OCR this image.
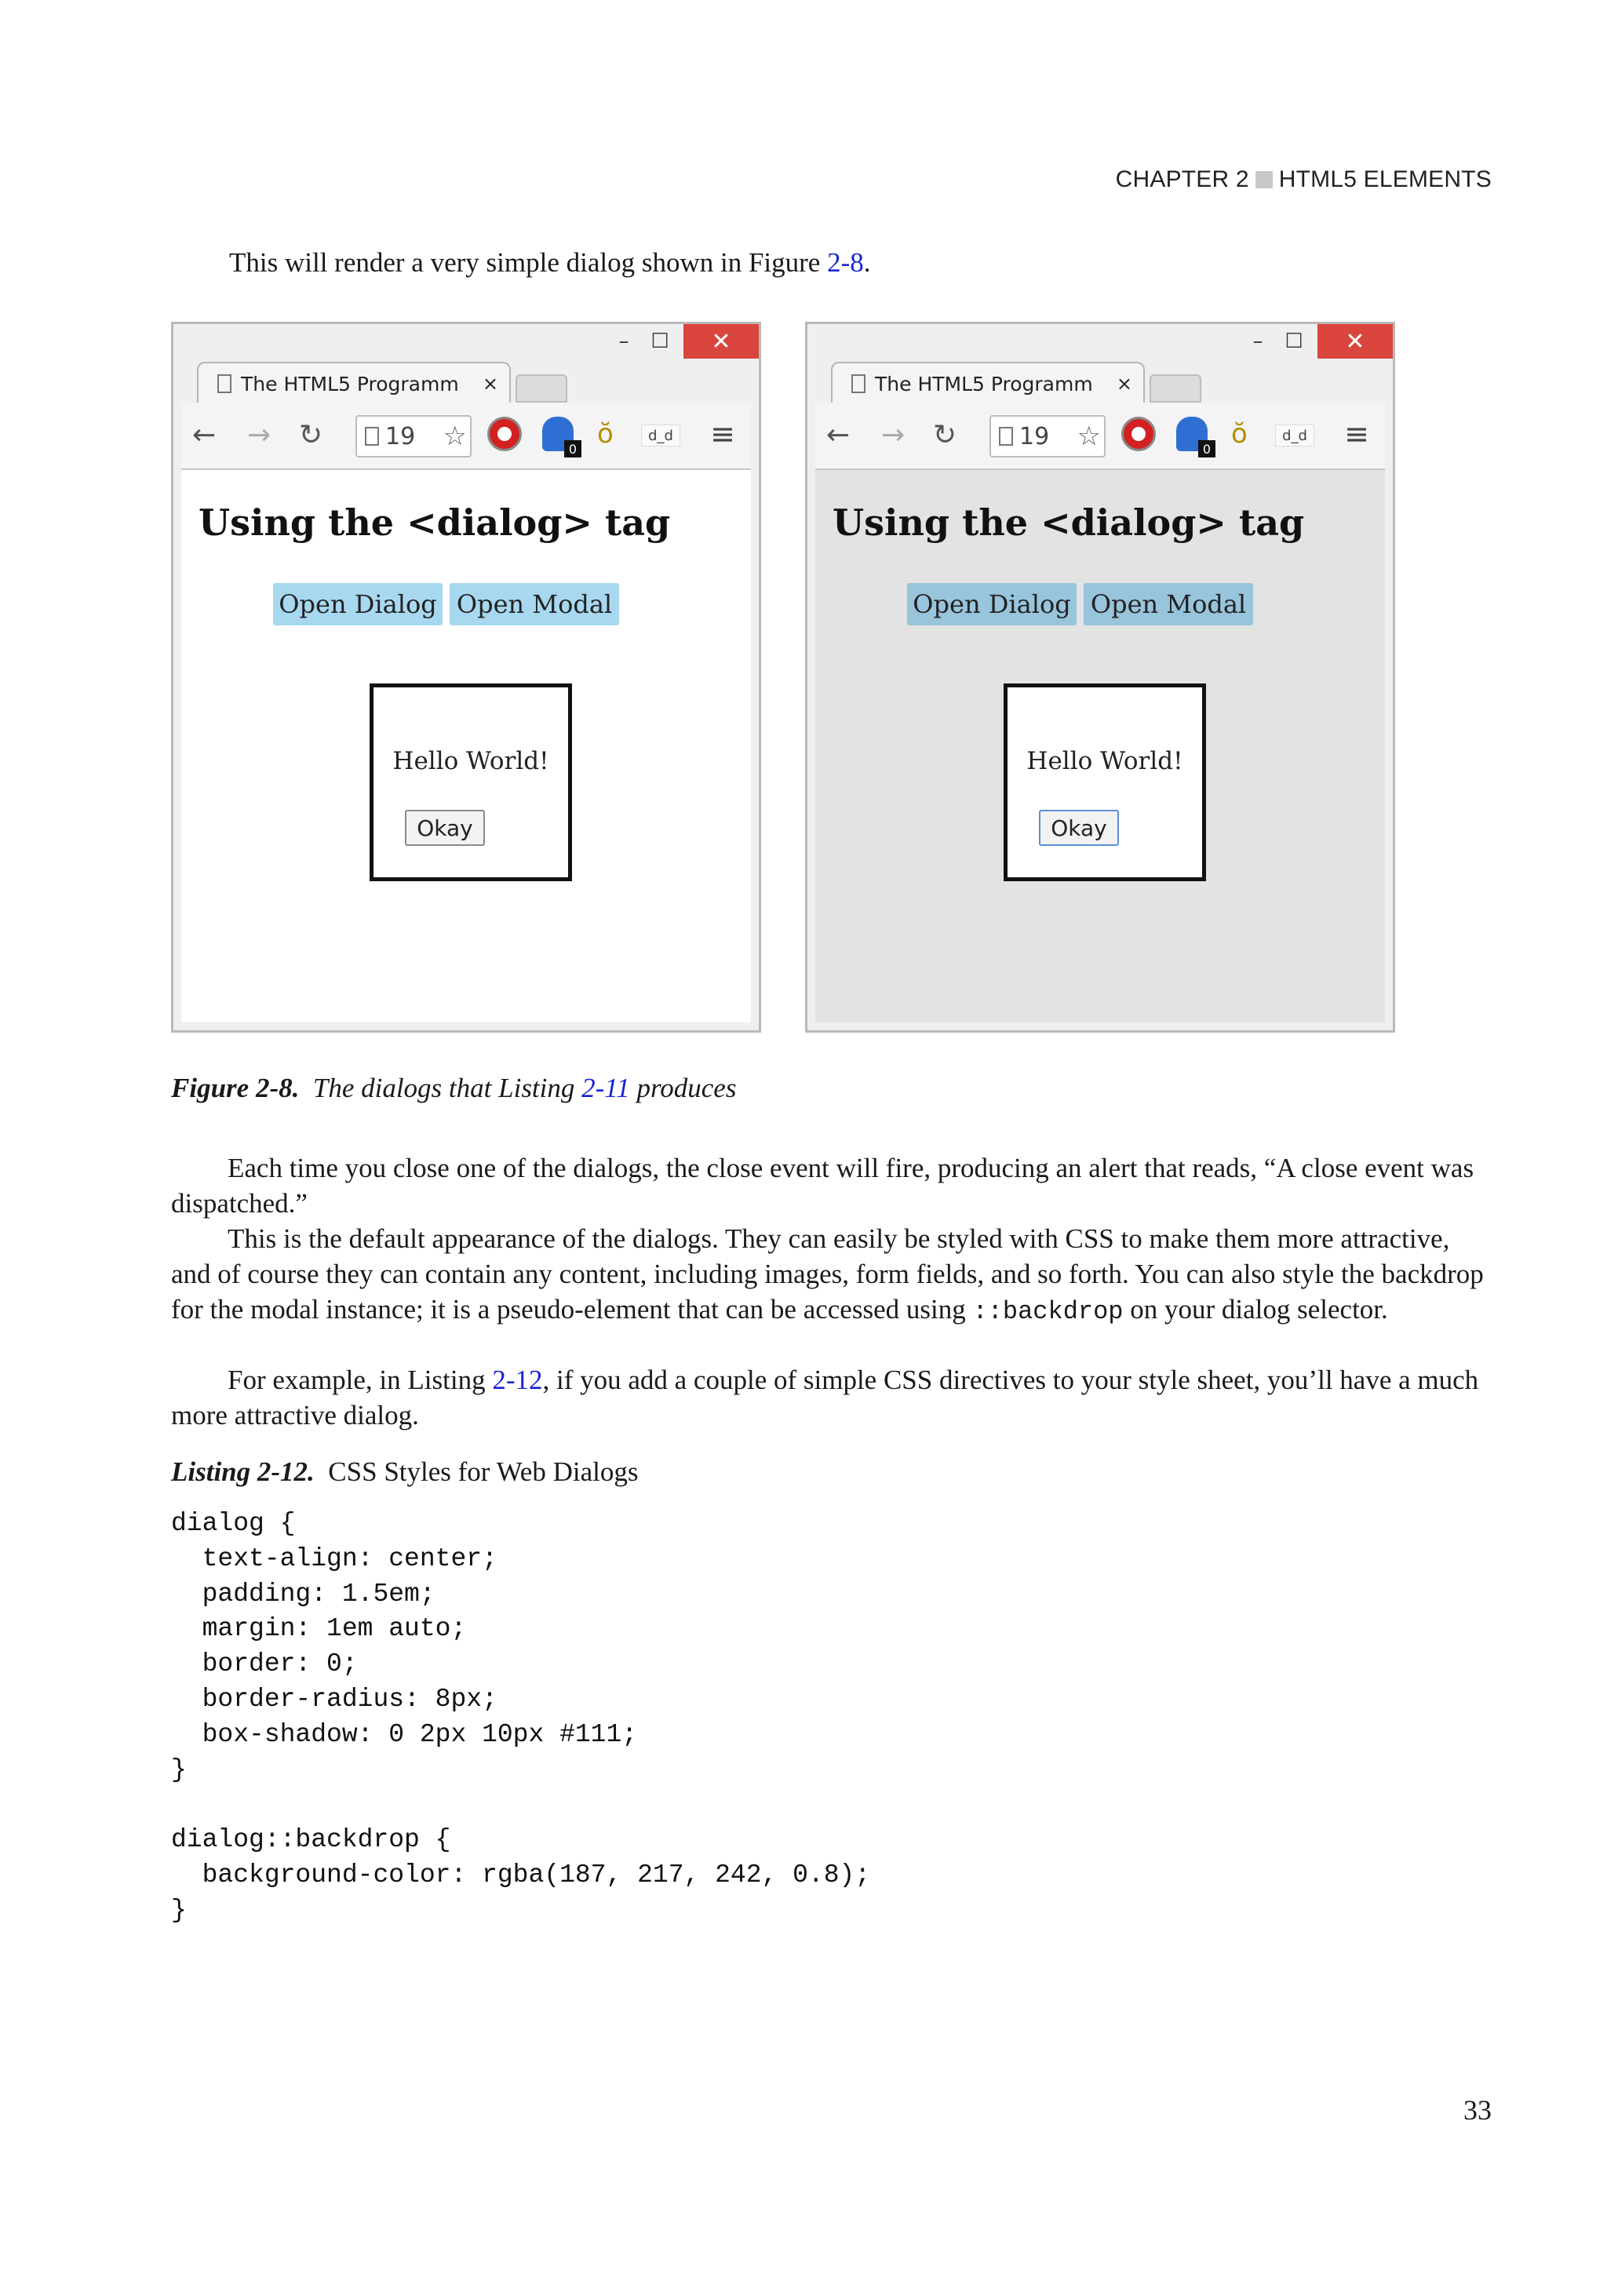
CHAPTER 2 HTML5 ELEMENTS
This will render a very simple dialog shown in Figure 2-8.
–	☐	✕
The HTML5 Programm ×
← → ↻	19 ☆	0 ŏ	d_d ≡
Using the <dialog> tag
Open Dialog Open Modal
Hello World!
Okay
–	☐	✕
The HTML5 Programm ×
← → ↻	19 ☆	0 ŏ	d_d ≡
Using the <dialog> tag
Open Dialog Open Modal
Hello World!
Okay
Figure 2-8. The dialogs that Listing 2-11 produces
Each time you close one of the dialogs, the close event will fire, producing an alert that reads, “A close event was dispatched.”
This is the default appearance of the dialogs. They can easily be styled with CSS to make them more attractive, and of course they can contain any content, including images, form fields, and so forth. You can also style the backdrop for the modal instance; it is a pseudo-element that can be accessed using ::backdrop on your dialog selector.
For example, in Listing 2-12, if you add a couple of simple CSS directives to your style sheet, you’ll have a much more attractive dialog.
Listing 2-12. CSS Styles for Web Dialogs
dialog {
text-align: center;
padding: 1.5em;
margin: 1em auto;
border: 0;
border-radius: 8px;
box-shadow: 0 2px 10px #111;
}

dialog::backdrop {
background-color: rgba(187, 217, 242, 0.8);
}
33
